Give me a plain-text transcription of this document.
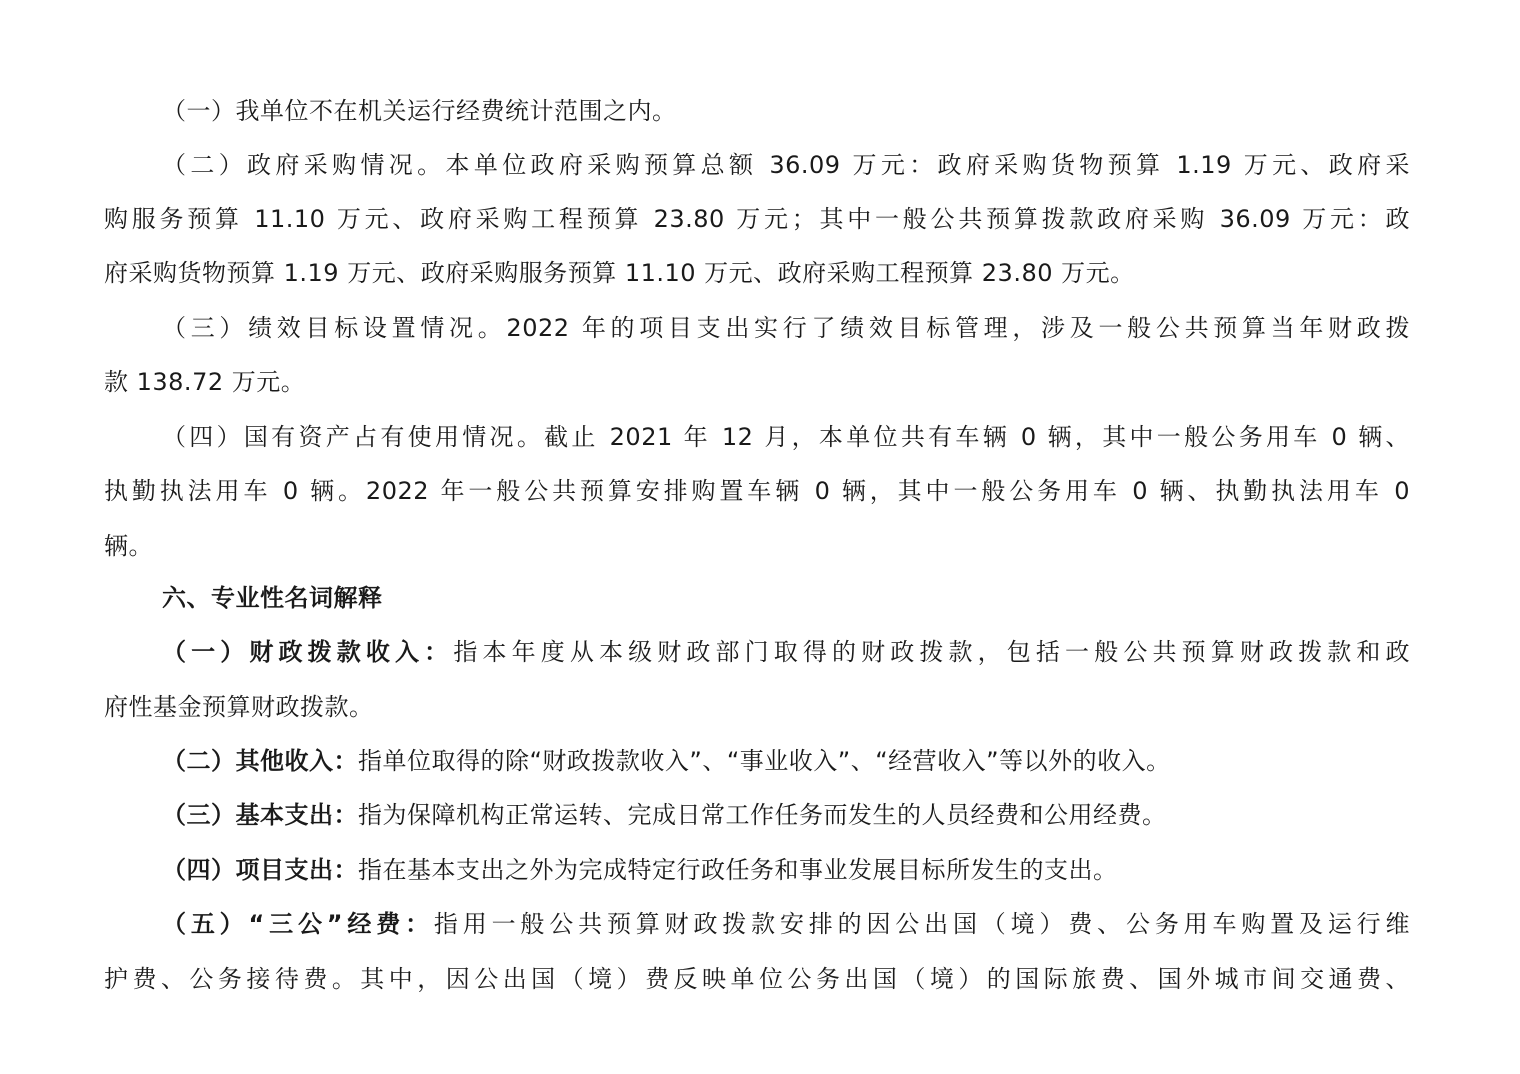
（一）我单位不在机关运行经费统计范围之内。
（二）政府采购情况。本单位政府采购预算总额 36.09 万元：政府采购货物预算 1.19 万元、政府采
购服务预算 11.10 万元、政府采购工程预算 23.80 万元；其中一般公共预算拨款政府采购 36.09 万元：政
府采购货物预算 1.19 万元、政府采购服务预算 11.10 万元、政府采购工程预算 23.80 万元。
（三）绩效目标设置情况。2022 年的项目支出实行了绩效目标管理，涉及一般公共预算当年财政拨
款 138.72 万元。
（四）国有资产占有使用情况。截止 2021 年 12 月，本单位共有车辆 0 辆，其中一般公务用车 0 辆、
执勤执法用车 0 辆。2022 年一般公共预算安排购置车辆 0 辆，其中一般公务用车 0 辆、执勤执法用车 0
辆。
六、专业性名词解释
（一）财政拨款收入：指本年度从本级财政部门取得的财政拨款，包括一般公共预算财政拨款和政
府性基金预算财政拨款。
（二）其他收入：指单位取得的除“财政拨款收入”、“事业收入”、“经营收入”等以外的收入。
（三）基本支出：指为保障机构正常运转、完成日常工作任务而发生的人员经费和公用经费。
（四）项目支出：指在基本支出之外为完成特定行政任务和事业发展目标所发生的支出。
（五）“三公”经费：指用一般公共预算财政拨款安排的因公出国（境）费、公务用车购置及运行维
护费、公务接待费。其中，因公出国（境）费反映单位公务出国（境）的国际旅费、国外城市间交通费、
